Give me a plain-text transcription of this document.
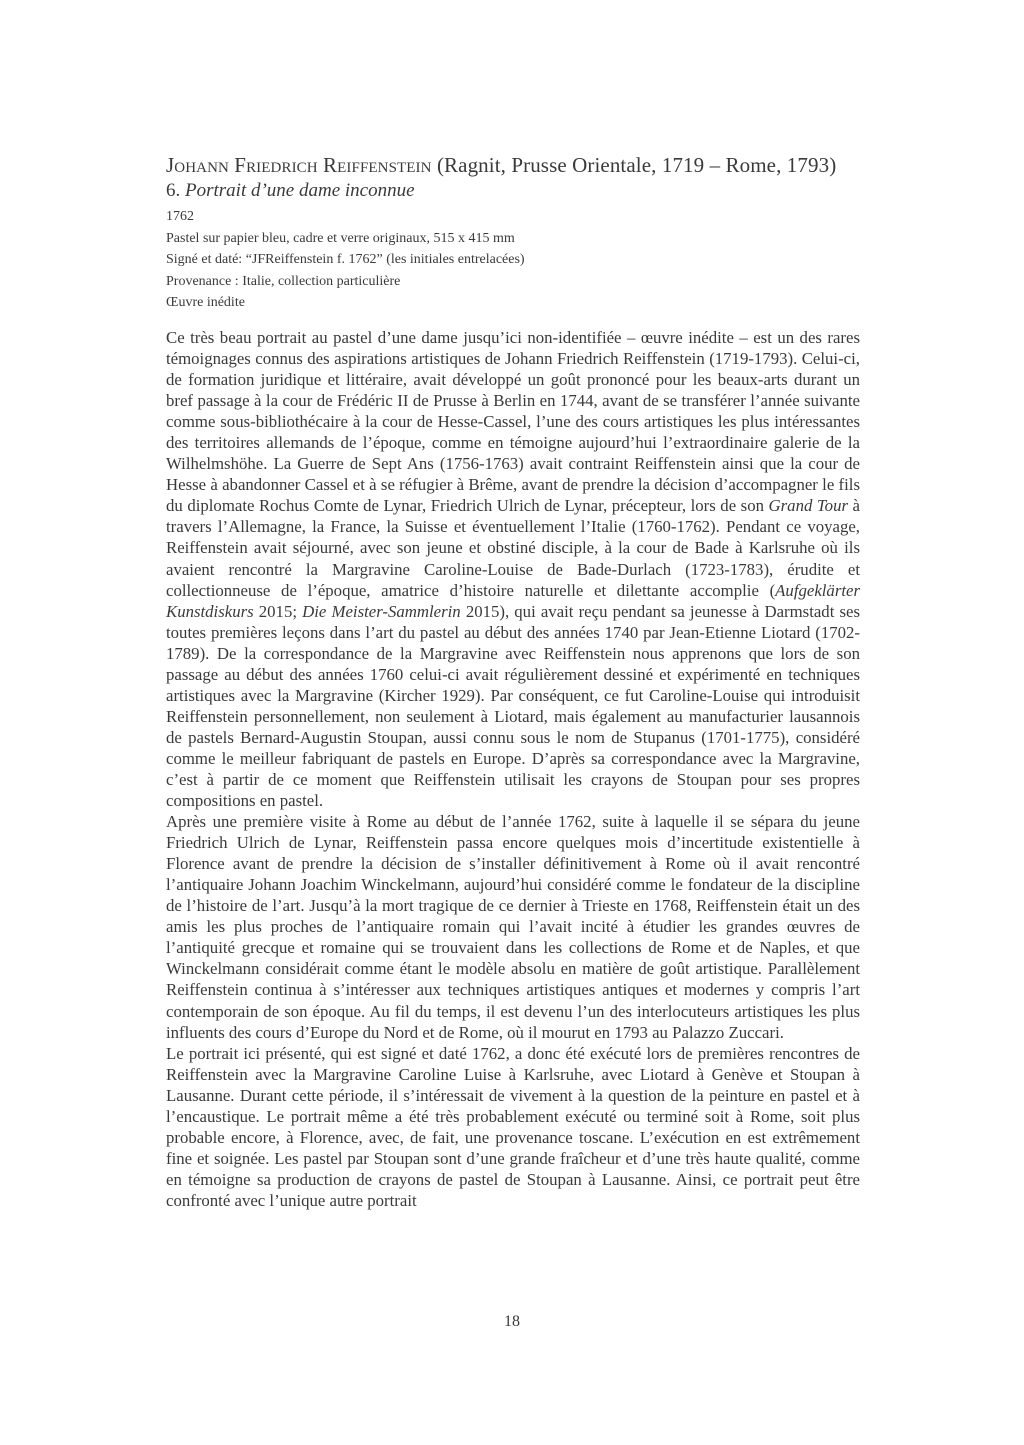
Johann Friedrich Reiffenstein (Ragnit, Prusse Orientale, 1719 – Rome, 1793)

6. Portrait d’une dame inconnue

1762
Pastel sur papier bleu, cadre et verre originaux, 515 x 415 mm
Signé et daté: “JFReiffenstein f. 1762” (les initiales entrelacées)
Provenance : Italie, collection particulière
Œuvre inédite

Ce très beau portrait au pastel d’une dame jusqu’ici non-identifiée – œuvre inédite – est un des rares témoignages connus des aspirations artistiques de Johann Friedrich Reiffenstein (1719-1793). Celui-ci, de formation juridique et littéraire, avait développé un goût prononcé pour les beaux-arts durant un bref passage à la cour de Frédéric II de Prusse à Berlin en 1744, avant de se transférer l’année suivante comme sous-bibliothécaire à la cour de Hesse-Cassel, l’une des cours artistiques les plus intéressantes des territoires allemands de l’époque, comme en témoigne aujourd’hui l’extraordinaire galerie de la Wilhelmshöhe. La Guerre de Sept Ans (1756-1763) avait contraint Reiffenstein ainsi que la cour de Hesse à abandonner Cassel et à se réfugier à Brême, avant de prendre la décision d’accompagner le fils du diplomate Rochus Comte de Lynar, Friedrich Ulrich de Lynar, précepteur, lors de son Grand Tour à travers l’Allemagne, la France, la Suisse et éventuellement l’Italie (1760-1762). Pendant ce voyage, Reiffenstein avait séjourné, avec son jeune et obstiné disciple, à la cour de Bade à Karlsruhe où ils avaient rencontré la Margravine Caroline-Louise de Bade-Durlach (1723-1783), érudite et collectionneuse de l’époque, amatrice d’histoire naturelle et dilettante accomplie (Aufgeklärter Kunstdiskurs 2015; Die Meister-Sammlerin 2015), qui avait reçu pendant sa jeunesse à Darmstadt ses toutes premières leçons dans l’art du pastel au début des années 1740 par Jean-Etienne Liotard (1702-1789). De la correspondance de la Margravine avec Reiffenstein nous apprenons que lors de son passage au début des années 1760 celui-ci avait régulièrement dessiné et expérimenté en techniques artistiques avec la Margravine (Kircher 1929). Par conséquent, ce fut Caroline-Louise qui introduisit Reiffenstein personnellement, non seulement à Liotard, mais également au manufacturier lausannois de pastels Bernard-Augustin Stoupan, aussi connu sous le nom de Stupanus (1701-1775), considéré comme le meilleur fabriquant de pastels en Europe. D’après sa correspondance avec la Margravine, c’est à partir de ce moment que Reiffenstein utilisait les crayons de Stoupan pour ses propres compositions en pastel.

Après une première visite à Rome au début de l’année 1762, suite à laquelle il se sépara du jeune Friedrich Ulrich de Lynar, Reiffenstein passa encore quelques mois d’incertitude existentielle à Florence avant de prendre la décision de s’installer définitivement à Rome où il avait rencontré l’antiquaire Johann Joachim Winckelmann, aujourd’hui considéré comme le fondateur de la discipline de l’histoire de l’art. Jusqu’à la mort tragique de ce dernier à Trieste en 1768, Reiffenstein était un des amis les plus proches de l’antiquaire romain qui l’avait incité à étudier les grandes œuvres de l’antiquité grecque et romaine qui se trouvaient dans les collections de Rome et de Naples, et que Winckelmann considérait comme étant le modèle absolu en matière de goût artistique. Parallèlement Reiffenstein continua à s’intéresser aux techniques artistiques antiques et modernes y compris l’art contemporain de son époque. Au fil du temps, il est devenu l’un des interlocuteurs artistiques les plus influents des cours d’Europe du Nord et de Rome, où il mourut en 1793 au Palazzo Zuccari.

Le portrait ici présenté, qui est signé et daté 1762, a donc été exécuté lors de premières rencontres de Reiffenstein avec la Margravine Caroline Luise à Karlsruhe, avec Liotard à Genève et Stoupan à Lausanne. Durant cette période, il s’intéressait de vivement à la question de la peinture en pastel et à l’encaustique. Le portrait même a été très probablement exécuté ou terminé soit à Rome, soit plus probable encore, à Florence, avec, de fait, une provenance toscane. L’exécution en est extrêmement fine et soignée. Les pastel par Stoupan sont d’une grande fraîcheur et d’une très haute qualité, comme en témoigne sa production de crayons de pastel de Stoupan à Lausanne. Ainsi, ce portrait peut être confronté avec l’unique autre portrait

18
